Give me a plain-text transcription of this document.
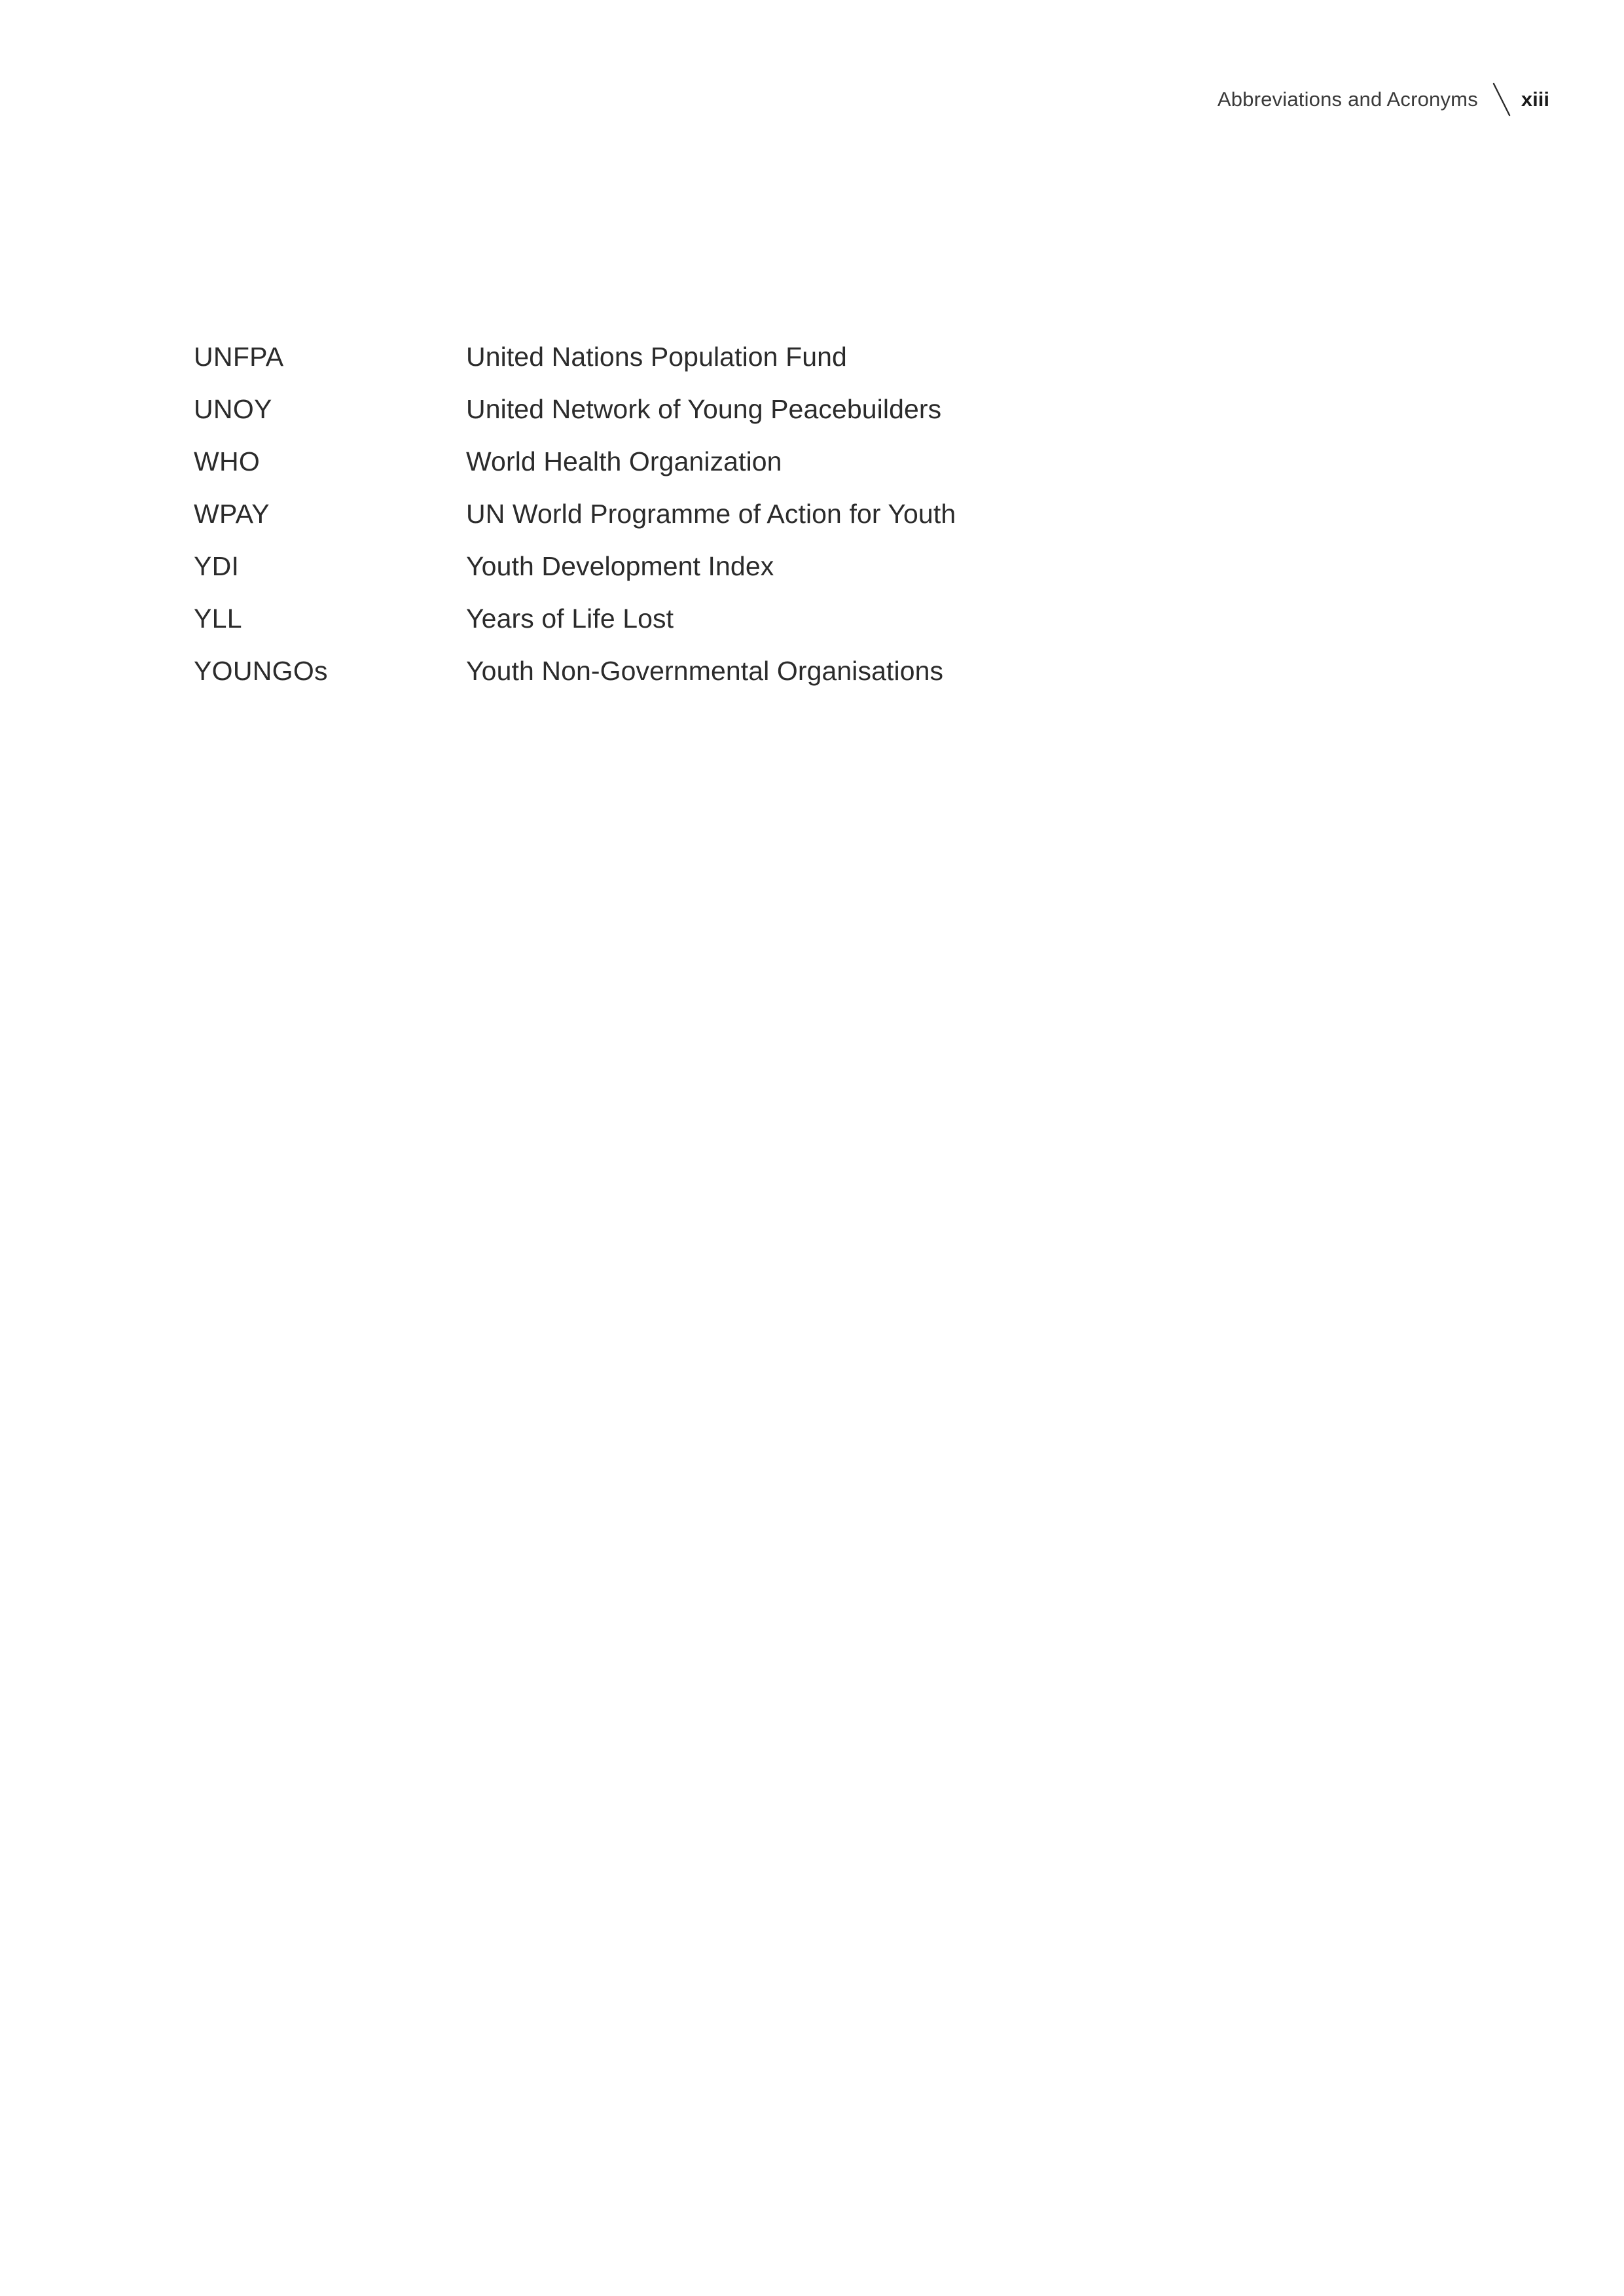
Abbreviations and Acronyms xiii
UNFPA	United Nations Population Fund
UNOY	United Network of Young Peacebuilders
WHO	World Health Organization
WPAY	UN World Programme of Action for Youth
YDI	Youth Development Index
YLL	Years of Life Lost
YOUNGOs	Youth Non-Governmental Organisations
